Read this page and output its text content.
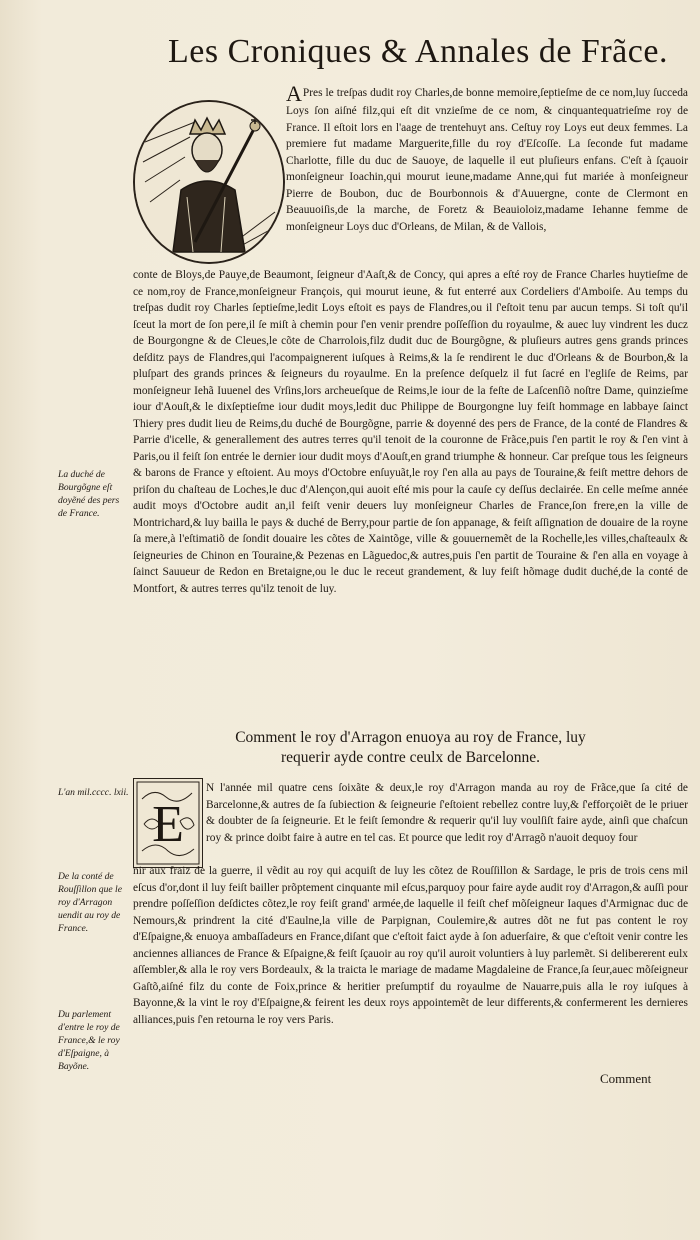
Les Croniques & Annales de Frãce.

APres le treſpas dudit roy Charles,de bonne memoire,ſeptieſme de ce nom,luy ſucceda Loys ſon aiſné filz,qui eſt dit vnzieſme de ce nom, & cinquantequatrieſme roy de France. Il eſtoit lors en l'aage de trentehuyt ans. Ceſtuy roy Loys eut deux femmes. La premiere fut madame Marguerite,fille du roy d'Eſcoſſe. La ſeconde fut madame Charlotte, fille du duc de Sauoye, de laquelle il eut pluſieurs enfans. C'eſt à ſçauoir monſeigneur Ioachin,qui mourut ieune,madame Anne,qui fut mariée à monſeigneur Pierre de Boubon, duc de Bourbonnois & d'Auuergne, conte de Clermont en Beauuoiſis,de la marche, de Foretz & Beauioloiz,madame Iehanne femme de monſeigneur Loys duc d'Orleans, de Milan, & de Vallois,

conte de Bloys,de Pauye,de Beaumont, ſeigneur d'Aaſt,& de Concy, qui apres a eſté roy de France Charles huytieſme de ce nom,roy de France,monſeigneur François, qui mourut ieune, & fut enterré aux Cordeliers d'Amboiſe. Au temps du treſpas dudit roy Charles ſeptieſme,ledit Loys eſtoit es pays de Flandres,ou il ſ'eſtoit tenu par aucun temps. Si toſt qu'il ſceut la mort de ſon pere,il ſe miſt à chemin pour ſ'en venir prendre poſſeſſion du royaulme, & auec luy vindrent les ducz de Bourgongne & de Cleues,le cõte de Charrolois,filz dudit duc de Bourgõgne, & pluſieurs autres gens grands princes deſditz pays de Flandres,qui l'acompaignerent iuſques à Reims,& la ſe rendirent le duc d'Orleans & de Bourbon,& la pluſpart des grands princes & ſeigneurs du royaulme. En la preſence deſquelz il fut ſacré en l'egliſe de Reims, par monſeigneur Iehã Iuuenel des Vrſins,lors archeueſque de Reims,le iour de la feſte de Laſcenſiõ noſtre Dame, quinzieſme iour d'Aouſt,& le dixſeptieſme iour dudit moys,ledit duc Philippe de Bourgongne luy feiſt hommage en labbaye ſainct Thiery pres dudit lieu de Reims,du duché de Bourgõgne, parrie & doyenné des pers de France, de la conté de Flandres & Parrie d'icelle, & generallement des autres terres qu'il tenoit de la couronne de Frãce,puis ſ'en partit le roy & ſ'en vint à Paris,ou il feiſt ſon entrée le dernier iour dudit moys d'Aouſt,en grand triumphe & honneur. Car preſque tous les ſeigneurs & barons de France y eſtoient. Au moys d'Octobre enſuyuãt,le roy ſ'en alla au pays de Touraine,& feiſt mettre dehors de priſon du chaſteau de Loches,le duc d'Alençon,qui auoit eſté mis pour la cauſe cy deſſus declairée. En celle meſme année audit moys d'Octobre audit an,il feiſt venir deuers luy monſeigneur Charles de France,ſon frere,en la ville de Montrichard,& luy bailla le pays & duché de Berry,pour partie de ſon appanage, & feiſt aſſignation de douaire de la royne ſa mere,à l'eſtimatiõ de ſondit douaire les cõtes de Xaintõge, ville & gouuernemẽt de la Rochelle,les villes,chaſteaulx & ſeigneuries de Chinon en Touraine,& Pezenas en Lãguedoc,& autres,puis ſ'en partit de Touraine & ſ'en alla en voyage à ſainct Sauueur de Redon en Bretaigne,ou le duc le receut grandement, & luy feiſt hõmage dudit duché,de la conté de Montfort, & autres terres qu'ilz tenoit de luy.

La duché de Bourgõgne eſt doyẽné des pers de France.
L'an mil.cccc. lxii.
De la conté de Rouſſillon que le roy d'Arragon uendit au roy de France.
Du parlement d'entre le roy de France,& le roy d'Eſpaigne, à Bayõne.
Comment le roy d'Arragon enuoya au roy de France, luy
requerir ayde contre ceulx de Barcelonne.
E

N l'année mil quatre cens ſoixãte & deux,le roy d'Arragon manda au roy de Frãce,que ſa cité de Barcelonne,& autres de ſa ſubiection & ſeigneurie ſ'eſtoient rebellez contre luy,& ſ'efforçoiẽt de le priuer & doubter de ſa ſeigneurie. Et le feiſt ſemondre & requerir qu'il luy voulſiſt faire ayde, ainſi que chaſcun roy & prince doibt faire à autre en tel cas. Et pource que ledit roy d'Arragõ n'auoit dequoy four

nir aux fraiz de la guerre, il vẽdit au roy qui acquiſt de luy les cõtez de Rouſſillon & Sardage, le pris de trois cens mil eſcus d'or,dont il luy feiſt bailler prõptement cinquante mil eſcus,parquoy pour faire ayde audit roy d'Arragon,& auſſi pour prendre poſſeſſion deſdictes cõtez,le roy feiſt grand' armée,de laquelle il feiſt chef mõſeigneur Iaques d'Armignac duc de Nemours,& prindrent la cité d'Eaulne,la ville de Parpignan, Coulemire,& autres dõt ne fut pas content le roy d'Eſpaigne,& enuoya ambaſſadeurs en France,diſant que c'eſtoit faict ayde à ſon aduerſaire, & que c'eſtoit venir contre les anciennes alliances de France & Eſpaigne,& feiſt ſçauoir au roy qu'il auroit voluntiers à luy parlemẽt. Si delibererent eulx aſſembler,& alla le roy vers Bordeaulx, & la traicta le mariage de madame Magdaleine de France,ſa ſeur,auec mõſeigneur Gaſtõ,aiſné filz du conte de Foix,prince & heritier preſumptif du royaulme de Nauarre,puis alla le roy iuſques à Bayonne,& la vint le roy d'Eſpaigne,& feirent les deux roys appointemẽt de leur differents,& confermerent les dernieres alliances,puis ſ'en retourna le roy vers Paris.

Comment
